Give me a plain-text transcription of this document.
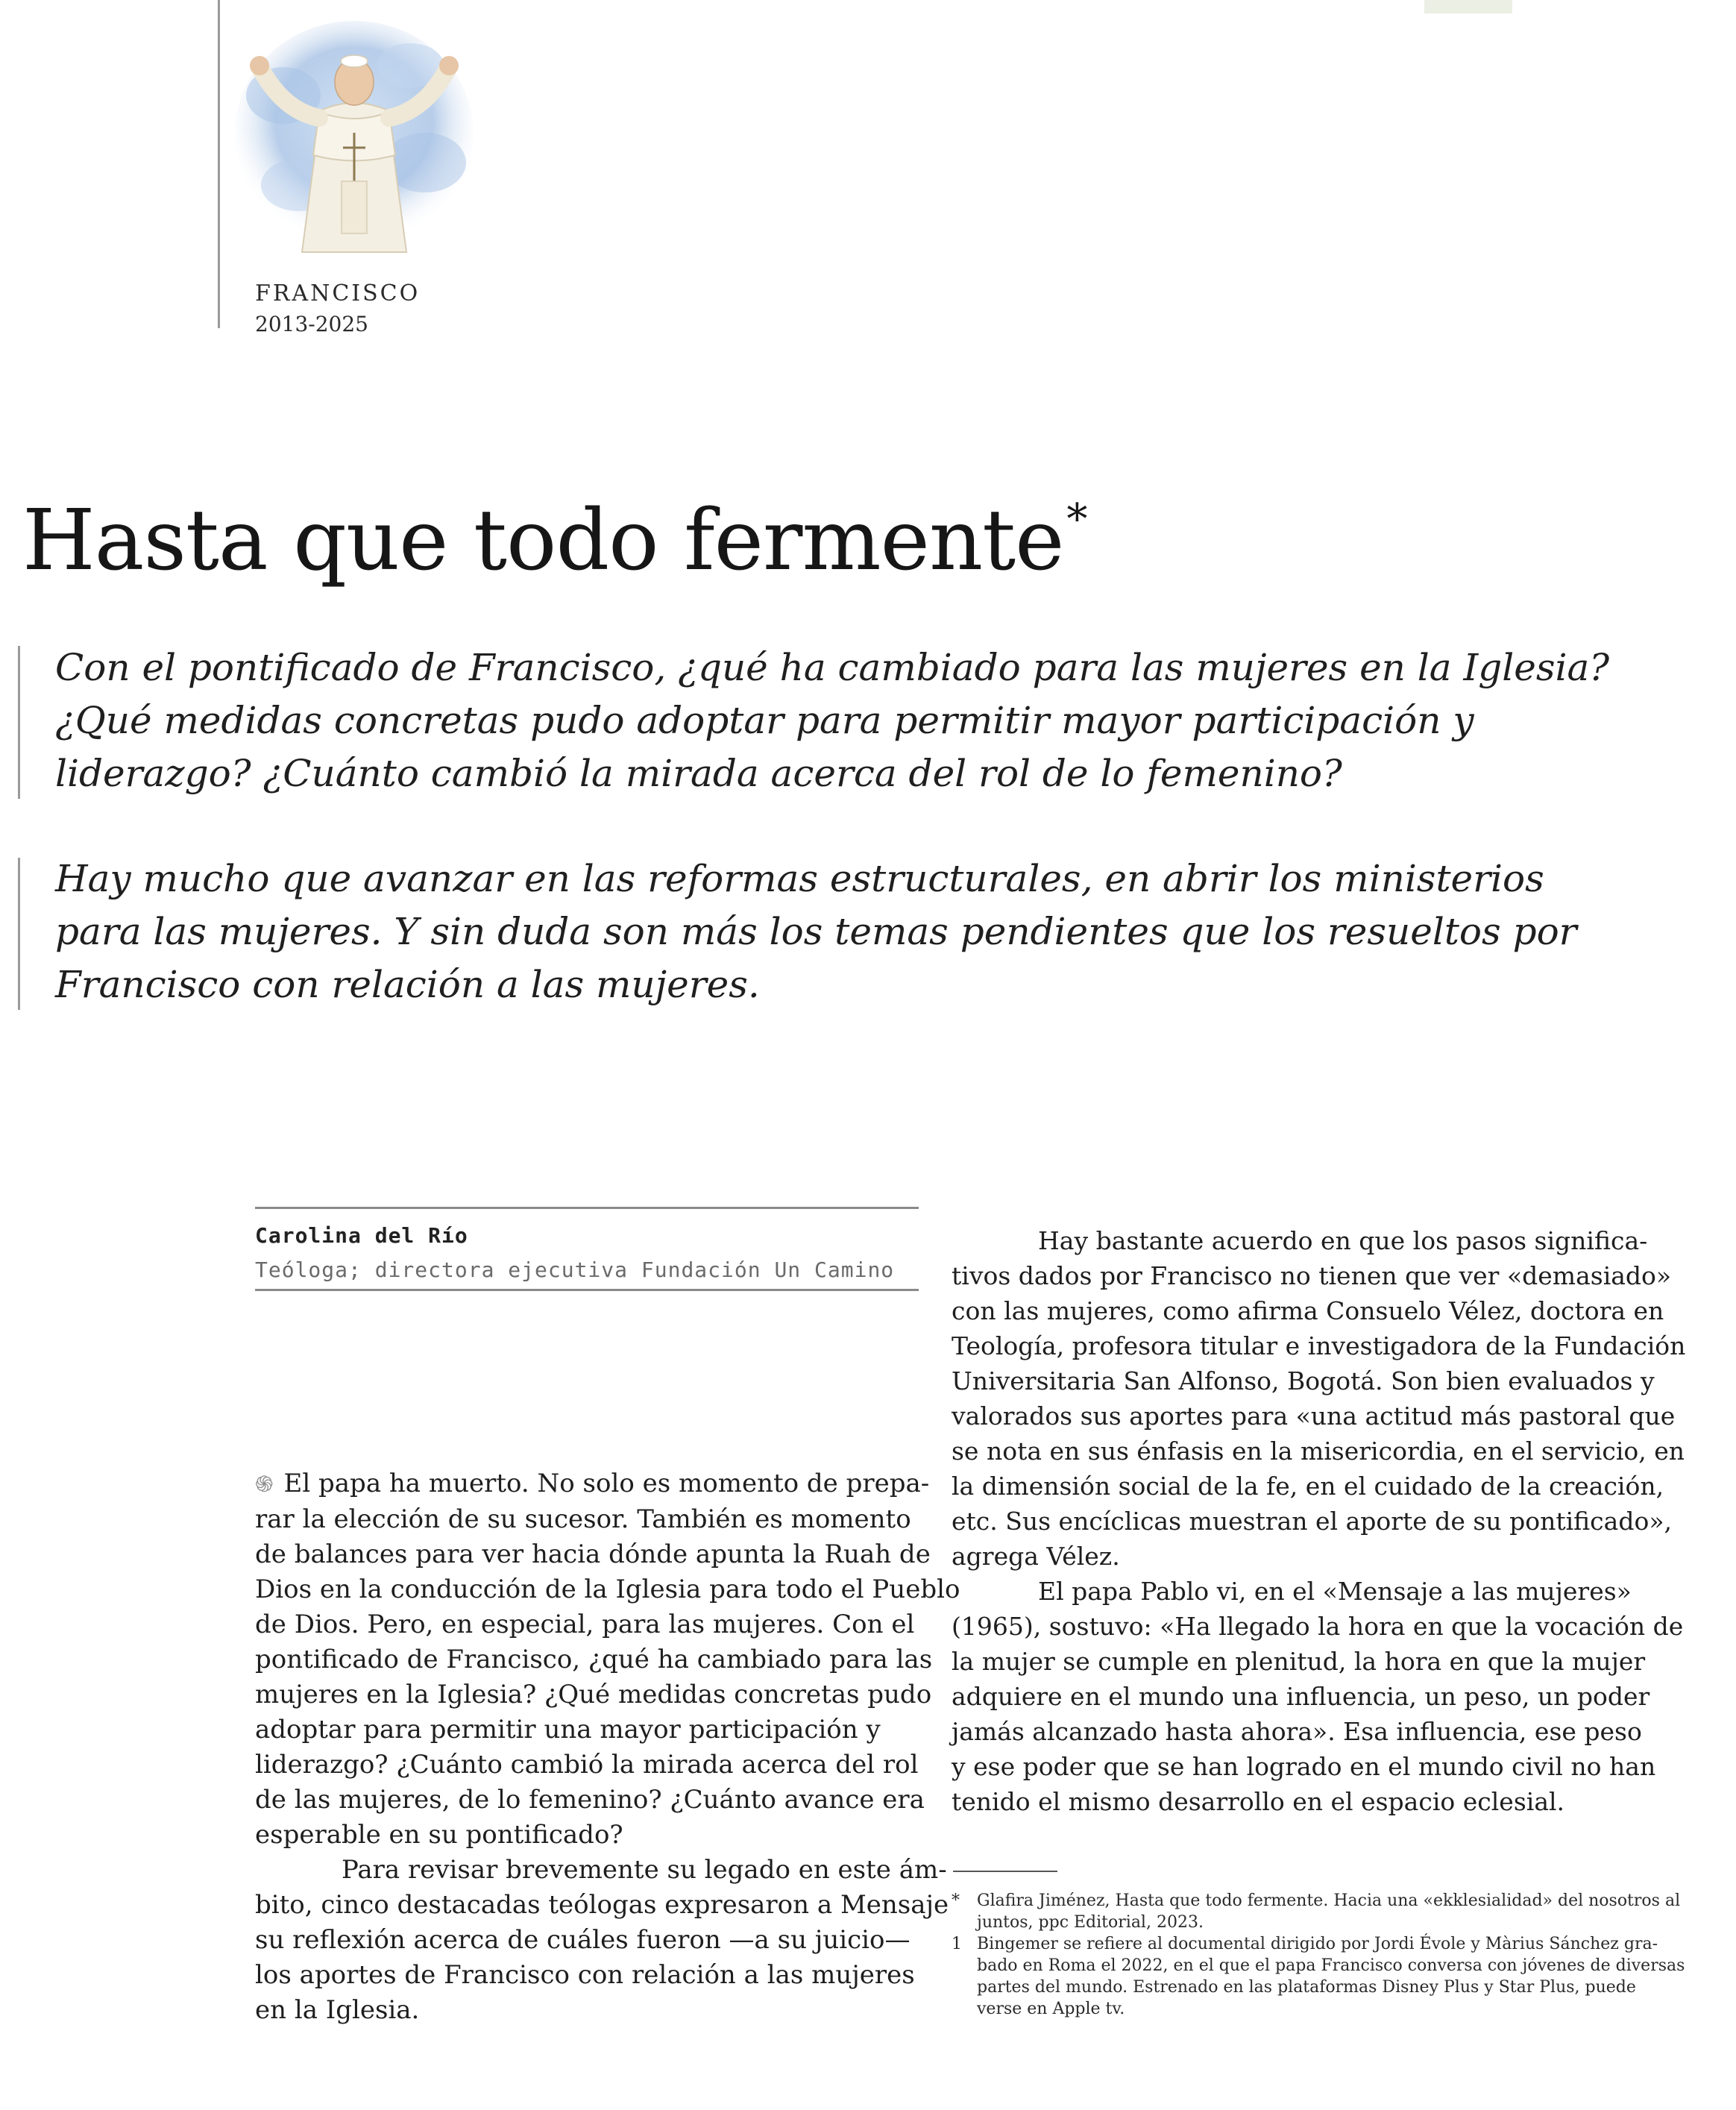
FRANCISCO
2013-2025
Hasta que todo fermente*
Con el pontificado de Francisco, ¿qué ha cambiado para las mujeres en la Iglesia?
¿Qué medidas concretas pudo adoptar para permitir mayor participación y
liderazgo? ¿Cuánto cambió la mirada acerca del rol de lo femenino?
Hay mucho que avanzar en las reformas estructurales, en abrir los ministerios
para las mujeres. Y sin duda son más los temas pendientes que los resueltos por
Francisco con relación a las mujeres.
Carolina del Río
Teóloga; directora ejecutiva Fundación Un Camino
֍ El papa ha muerto. No solo es momento de prepa-
rar la elección de su sucesor. También es momento
de balances para ver hacia dónde apunta la Ruah de
Dios en la conducción de la Iglesia para todo el Pueblo
de Dios. Pero, en especial, para las mujeres. Con el
pontificado de Francisco, ¿qué ha cambiado para las
mujeres en la Iglesia? ¿Qué medidas concretas pudo
adoptar para permitir una mayor participación y
liderazgo? ¿Cuánto cambió la mirada acerca del rol
de las mujeres, de lo femenino? ¿Cuánto avance era
esperable en su pontificado?
Para revisar brevemente su legado en este ám-
bito, cinco destacadas teólogas expresaron a Mensaje
su reflexión acerca de cuáles fueron —a su juicio—
los aportes de Francisco con relación a las mujeres
en la Iglesia.
Hay bastante acuerdo en que los pasos significa-
tivos dados por Francisco no tienen que ver «demasiado»
con las mujeres, como afirma Consuelo Vélez, doctora en
Teología, profesora titular e investigadora de la Fundación
Universitaria San Alfonso, Bogotá. Son bien evaluados y
valorados sus aportes para «una actitud más pastoral que
se nota en sus énfasis en la misericordia, en el servicio, en
la dimensión social de la fe, en el cuidado de la creación,
etc. Sus encíclicas muestran el aporte de su pontificado»,
agrega Vélez.
El papa Pablo vi, en el «Mensaje a las mujeres»
(1965), sostuvo: «Ha llegado la hora en que la vocación de
la mujer se cumple en plenitud, la hora en que la mujer
adquiere en el mundo una influencia, un peso, un poder
jamás alcanzado hasta ahora». Esa influencia, ese peso
y ese poder que se han logrado en el mundo civil no han
tenido el mismo desarrollo en el espacio eclesial.
* Glafira Jiménez, Hasta que todo fermente. Hacia una «ekklesialidad» del nosotros al
juntos, ppc Editorial, 2023.
1 Bingemer se refiere al documental dirigido por Jordi Évole y Màrius Sánchez gra-
bado en Roma el 2022, en el que el papa Francisco conversa con jóvenes de diversas
partes del mundo. Estrenado en las plataformas Disney Plus y Star Plus, puede
verse en Apple tv.
